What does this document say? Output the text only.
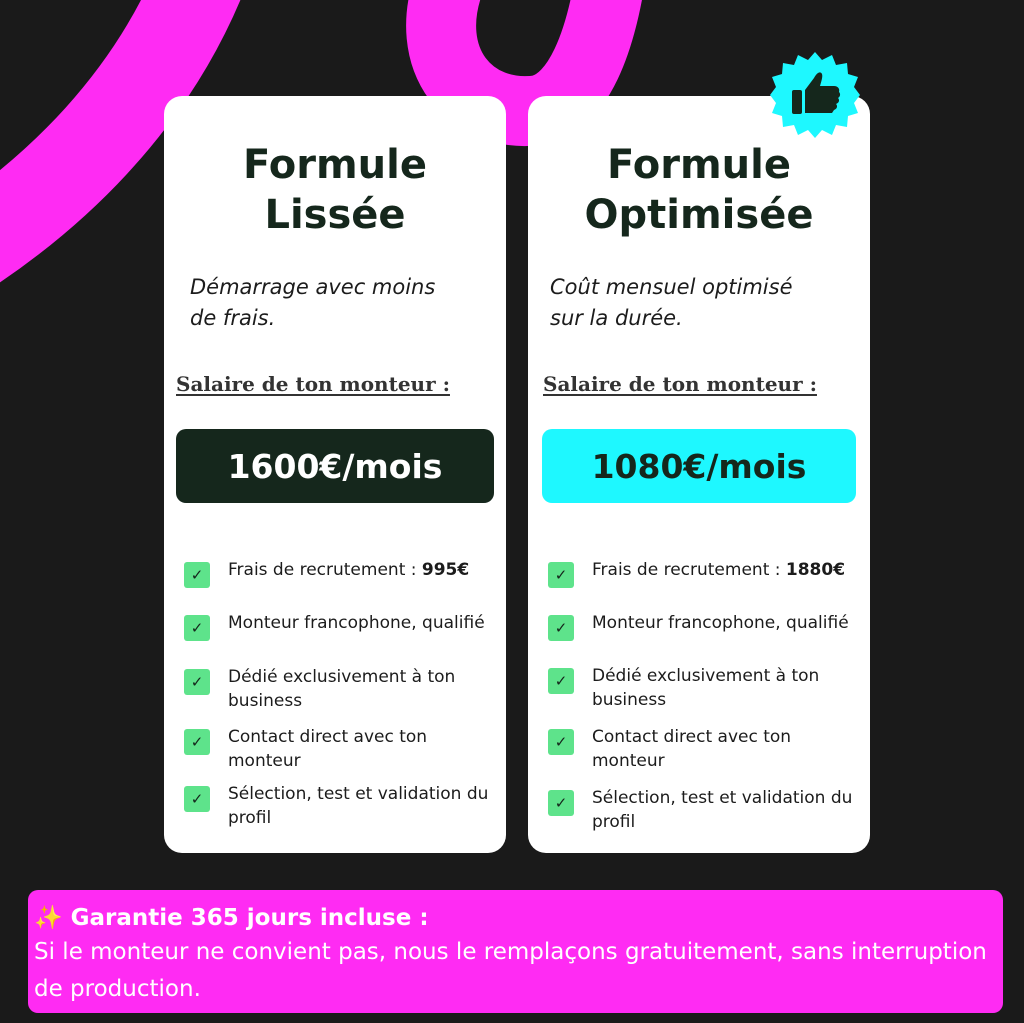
Formule
Lissée

Démarrage avec moins de frais.

Salaire de ton monteur :

1600€/mois
✓	Frais de recrutement : 995€
✓	Monteur francophone, qualifié
✓	Dédié exclusivement à ton business
✓	Contact direct avec ton monteur
✓	Sélection, test et validation du profil
Formule
Optimisée

Coût mensuel optimisé sur la durée.

Salaire de ton monteur :

1080€/mois
✓	Frais de recrutement : 1880€
✓	Monteur francophone, qualifié
✓	Dédié exclusivement à ton business
✓	Contact direct avec ton monteur
✓	Sélection, test et validation du profil

✨ Garantie 365 jours incluse :

Si le monteur ne convient pas, nous le remplaçons gratuitement, sans interruption de production.
